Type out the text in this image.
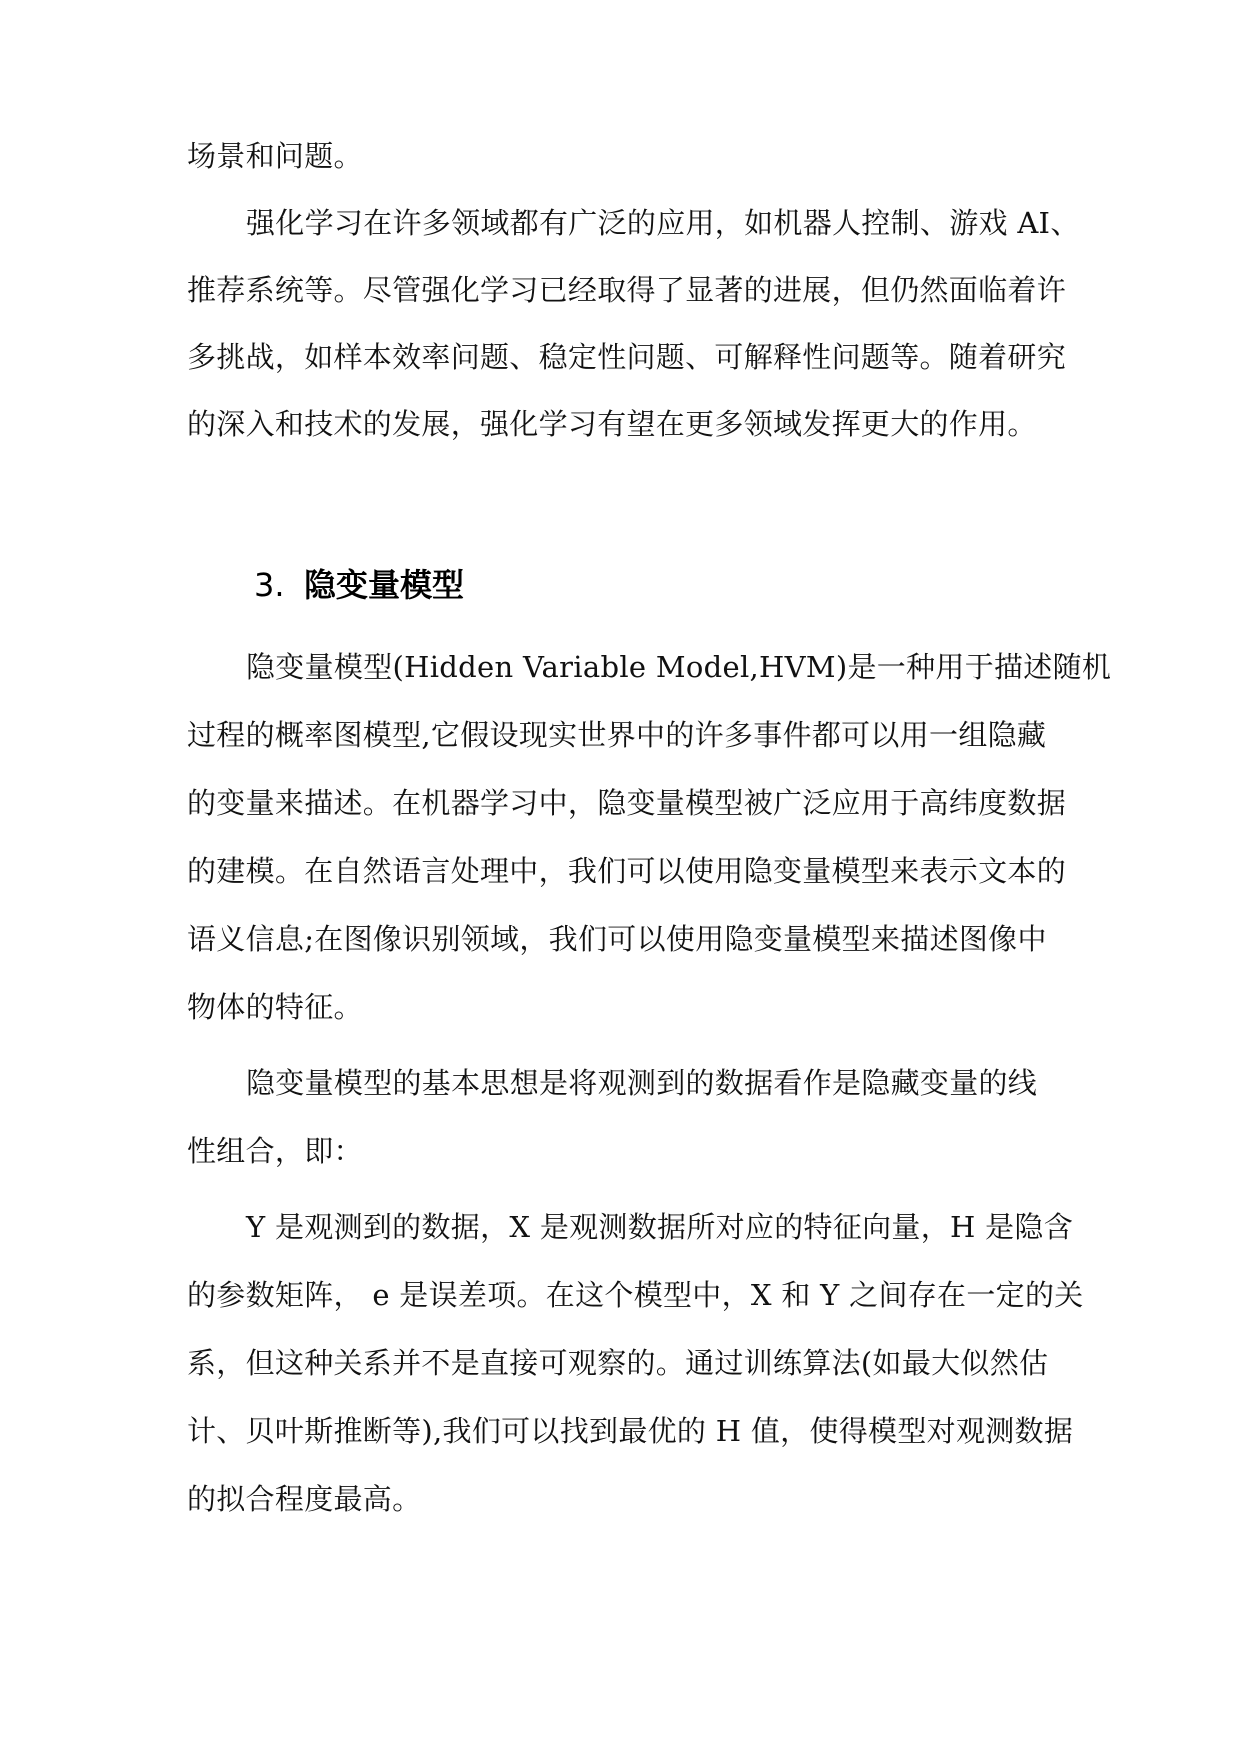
场景和问题。
强化学习在许多领域都有广泛的应用，如机器人控制、游戏 AI、
推荐系统等。尽管强化学习已经取得了显著的进展，但仍然面临着许
多挑战，如样本效率问题、稳定性问题、可解释性问题等。随着研究
的深入和技术的发展，强化学习有望在更多领域发挥更大的作用。
3. 隐变量模型
隐变量模型(Hidden Variable Model,HVM)是一种用于描述随机
过程的概率图模型,它假设现实世界中的许多事件都可以用一组隐藏
的变量来描述。在机器学习中，隐变量模型被广泛应用于高纬度数据
的建模。在自然语言处理中，我们可以使用隐变量模型来表示文本的
语义信息;在图像识别领域，我们可以使用隐变量模型来描述图像中
物体的特征。
隐变量模型的基本思想是将观测到的数据看作是隐藏变量的线
性组合，即：
Y 是观测到的数据，X 是观测数据所对应的特征向量，H 是隐含
的参数矩阵， e 是误差项。在这个模型中，X 和 Y 之间存在一定的关
系，但这种关系并不是直接可观察的。通过训练算法(如最大似然估
计、贝叶斯推断等),我们可以找到最优的 H 值，使得模型对观测数据
的拟合程度最高。
